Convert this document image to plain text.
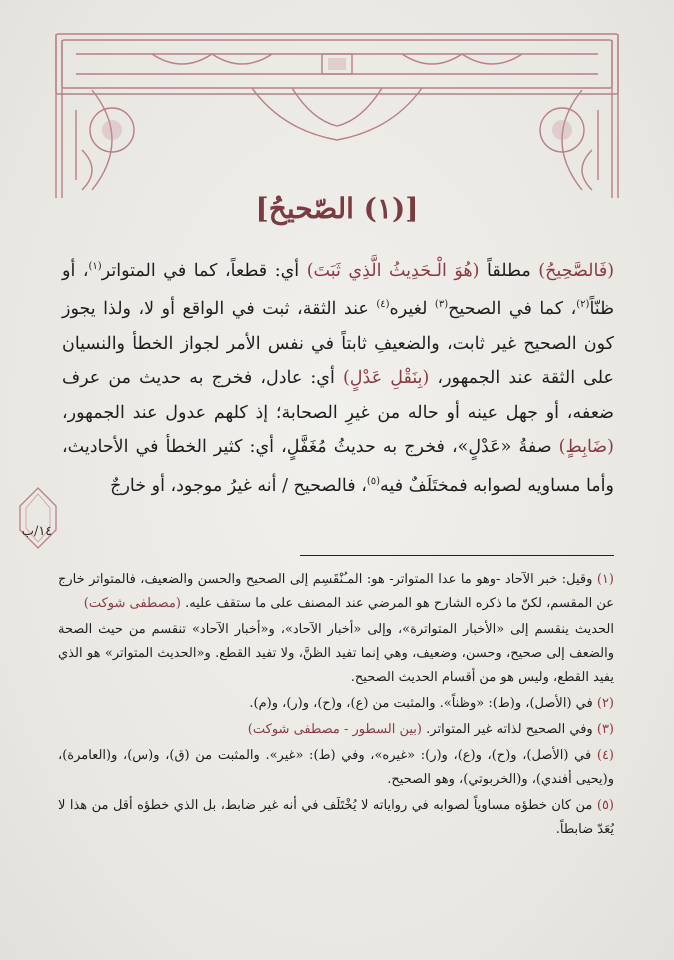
[(١) الصّحيحُ]

(فَالصَّحِيحُ) مطلقاً (هُوَ الْـحَدِيثُ الَّذِي ثَبَتَ) أي: قطعاً، كما في المتواتر$^{(١)}$، أو ظنّاً$^{(٢)}$، كما في الصحيح$^{(٣)}$ لغيره$^{(٤)}$ عند الثقة، ثبت في الواقع أو لا، ولذا يجوز كون الصحيح غير ثابت، والضعيفِ ثابتاً في نفس الأمر لجواز الخطأ والنسيان على الثقة عند الجمهور، (بِنَقْلِ عَدْلٍ) أي: عادل، فخرج به حديث من عرف ضعفه، أو جهل عينه أو حاله من غيرِ الصحابة؛ إذ كلهم عدول عند الجمهور، (ضَابِطٍ) صفةُ «عَدْلٍ»، فخرج به حديثُ مُغَفَّلٍ، أي: كثير الخطأ في الأحاديث، وأما مساويه لصوابه فمختَلَفٌ فيه$^{(٥)}$، فالصحيح / أنه غيرُ موجود، أو خارجٌ

١٤/ب

(١) وقيل: خبر الآحاد -وهو ما عدا المتواتر- هو: المـُنْقَسِم إلى الصحيح والحسن والضعيف، فالمتواتر خارج عن المقسم، لكنّ ما ذكره الشارح هو المرضي عند المصنف على ما ستقف عليه. (مصطفى شوكت)

الحديث ينقسم إلى «الأخبار المتواترة»، وإلى «أخبار الآحاد»، و«أخبار الآحاد» تنقسم من حيث الصحة والضعف إلى صحيح، وحسن، وضعيف، وهي إنما تفيد الظنَّ، ولا تفيد القطع. و«الحديث المتواتر» هو الذي يفيد القطع، وليس هو من أقسام الحديث الصحيح.

(٢) في (الأصل)، و(ط): «وظناً». والمثبت من (ع)، و(ح)، و(ر)، و(م).

(٣) وفي الصحيح لذاته غير المتواتر. (بين السطور - مصطفى شوكت)

(٤) في (الأصل)، و(ح)، و(ع)، و(ر): «غيره»، وفي (ط): «غير». والمثبت من (ق)، و(س)، و(العامرة)، و(يحيى أفندي)، و(الخربوتي)، وهو الصحيح.

(٥) من كان خطؤه مساوياً لصوابه في رواياته لا يُخْتَلَف في أنه غير ضابط، بل الذي خطؤه أقل من هذا لا يُعَدّ ضابطاً.
